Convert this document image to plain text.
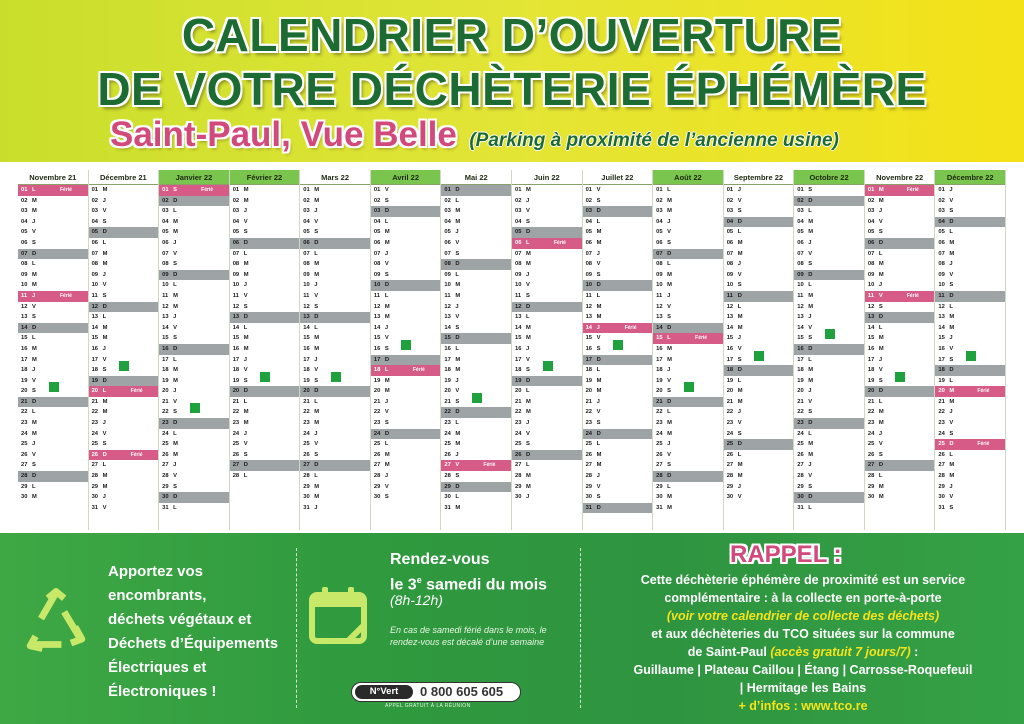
CALENDRIER D’OUVERTURE
DE VOTRE DÉCHÈTERIE ÉPHÉMÈRE
Saint-Paul, Vue Belle (Parking à proximité de l’ancienne usine)
Novembre 21
01 L	Férié
02 M
03 M
04 J
05 V
06 S
07 D
08 L
09 M
10 M
11 J	Férié
12 V
13 S
14 D
15 L
16 M
17 M
18 J
19 V
20 S
21 D
22 L
23 M
24 M
25 J
26 V
27 S
28 D
29 L
30 M
Décembre 21
01 M
02 J
03 V
04 S
05 D
06 L
07 M
08 M
09 J
10 V
11 S
12 D
13 L
14 M
15 M
16 J
17 V
18 S
19 D
20 L	Férié
21 M
22 M
23 J
24 V
25 S
26 D	Férié
27 L
28 M
29 M
30 J
31 V
Janvier 22
01 S	Férié
02 D
03 L
04 M
05 M
06 J
07 V
08 S
09 D
10 L
11 M
12 M
13 J
14 V
15 S
16 D
17 L
18 M
19 M
20 J
21 V
22 S
23 D
24 L
25 M
26 M
27 J
28 V
29 S
30 D
31 L
Février 22
01 M
02 M
03 J
04 V
05 S
06 D
07 L
08 M
09 M
10 J
11 V
12 S
13 D
14 L
15 M
16 M
17 J
18 V
19 S
20 D
21 L
22 M
23 M
24 J
25 V
26 S
27 D
28 L
Mars 22
01 M
02 M
03 J
04 V
05 S
06 D
07 L
08 M
09 M
10 J
11 V
12 S
13 D
14 L
15 M
16 M
17 J
18 V
19 S
20 D
21 L
22 M
23 M
24 J
25 V
26 S
27 D
28 L
29 M
30 M
31 J
Avril 22
01 V
02 S
03 D
04 L
05 M
06 M
07 J
08 V
09 S
10 D
11 L
12 M
13 M
14 J
15 V
16 S
17 D
18 L	Férié
19 M
20 M
21 J
22 V
23 S
24 D
25 L
26 M
27 M
28 J
29 V
30 S
Mai 22
01 D
02 L
03 M
04 M
05 J
06 V
07 S
08 D
09 L
10 M
11 M
12 J
13 V
14 S
15 D
16 L
17 M
18 M
19 J
20 V
21 S
22 D
23 L
24 M
25 M
26 J
27 V	Férié
28 S
29 D
30 L
31 M
Juin 22
01 M
02 J
03 V
04 S
05 D
06 L	Férié
07 M
08 M
09 J
10 V
11 S
12 D
13 L
14 M
15 M
16 J
17 V
18 S
19 D
20 L
21 M
22 M
23 J
24 V
25 S
26 D
27 L
28 M
29 M
30 J
Juillet 22
01 V
02 S
03 D
04 L
05 M
06 M
07 J
08 V
09 S
10 D
11 L
12 M
13 M
14 J	Férié
15 V
16 S
17 D
18 L
19 M
20 M
21 J
22 V
23 S
24 D
25 L
26 M
27 M
28 J
29 V
30 S
31 D
Août 22
01 L
02 M
03 M
04 J
05 V
06 S
07 D
08 L
09 M
10 M
11 J
12 V
13 S
14 D
15 L	Férié
16 M
17 M
18 J
19 V
20 S
21 D
22 L
23 M
24 M
25 J
26 V
27 S
28 D
29 L
30 M
31 M
Septembre 22
01 J
02 V
03 S
04 D
05 L
06 M
07 M
08 J
09 V
10 S
11 D
12 L
13 M
14 M
15 J
16 V
17 S
18 D
19 L
20 M
21 M
22 J
23 V
24 S
25 D
26 L
27 M
28 M
29 J
30 V
Octobre 22
01 S
02 D
03 L
04 M
05 M
06 J
07 V
08 S
09 D
10 L
11 M
12 M
13 J
14 V
15 S
16 D
17 L
18 M
19 M
20 J
21 V
22 S
23 D
24 L
25 M
26 M
27 J
28 V
29 S
30 D
31 L
Novembre 22
01 M	Férié
02 M
03 J
04 V
05 S
06 D
07 L
08 M
09 M
10 J
11 V	Férié
12 S
13 D
14 L
15 M
16 M
17 J
18 V
19 S
20 D
21 L
22 M
23 M
24 J
25 V
26 S
27 D
28 L
29 M
30 M
Décembre 22
01 J
02 V
03 S
04 D
05 L
06 M
07 M
08 J
09 V
10 S
11 D
12 L
13 M
14 M
15 J
16 V
17 S
18 D
19 L
20 M	Férié
21 M
22 J
23 V
24 S
25 D	Férié
26 L
27 M
28 M
29 J
30 V
31 S
Apportez vos
encombrants,
déchets végétaux et
Déchets d’Équipements
Électriques et
Électroniques !
Rendez-vous
le 3e samedi du mois
(8h-12h)
En cas de samedi férié dans le mois, le rendez-vous est décalé d’une semaine
N°Vert	0 800 605 605
APPEL GRATUIT À LA RÉUNION
RAPPEL :
Cette déchèterie éphémère de proximité est un service
complémentaire : à la collecte en porte-à-porte
(voir votre calendrier de collecte des déchets)
et aux déchèteries du TCO situées sur la commune
de Saint-Paul (accès gratuit 7 jours/7) :
Guillaume | Plateau Caillou | Étang | Carrosse-Roquefeuil
| Hermitage les Bains
+ d’infos : www.tco.re
